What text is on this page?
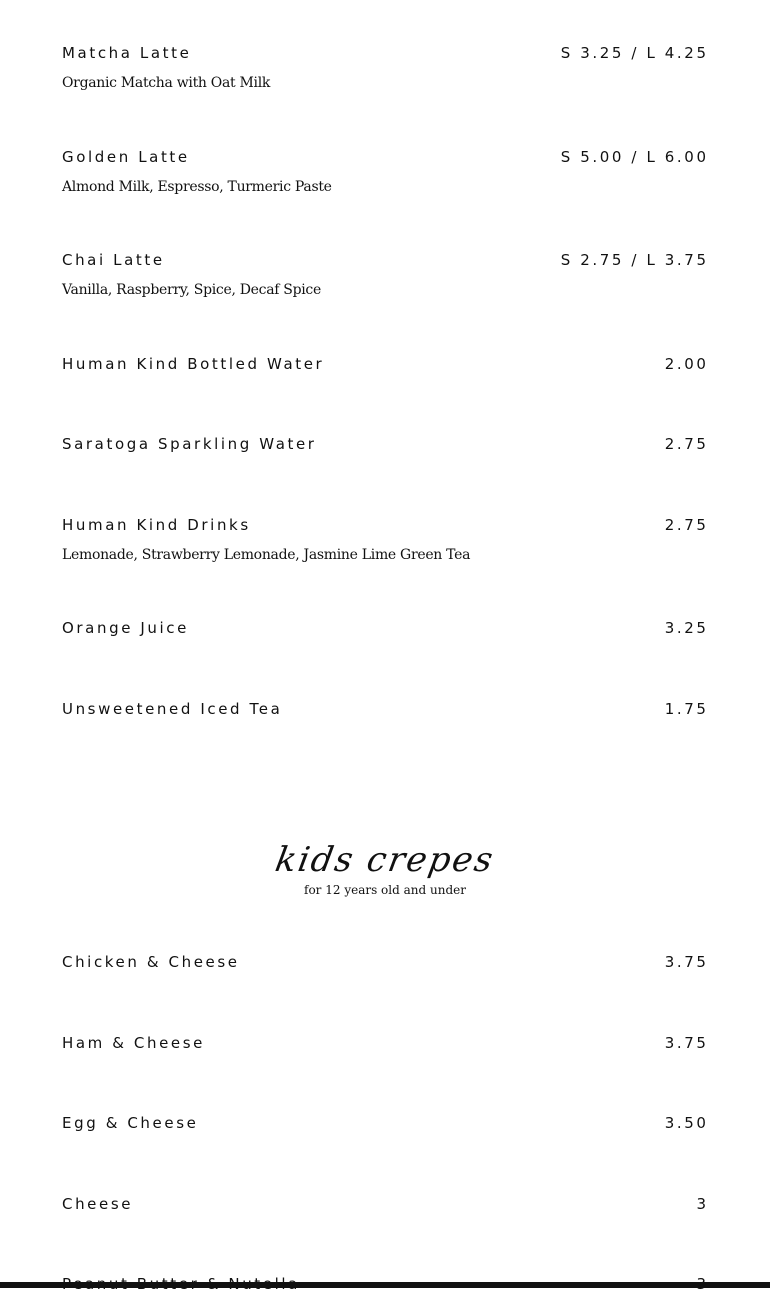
Matcha Latte	S 3.25 / L 4.25
Organic Matcha with Oat Milk
Golden Latte	S 5.00 / L 6.00
Almond Milk, Espresso, Turmeric Paste
Chai Latte	S 2.75 / L 3.75
Vanilla, Raspberry, Spice, Decaf Spice
Human Kind Bottled Water	2.00
Saratoga Sparkling Water	2.75
Human Kind Drinks	2.75
Lemonade, Strawberry Lemonade, Jasmine Lime Green Tea
Orange Juice	3.25
Unsweetened Iced Tea	1.75
kids crepes
for 12 years old and under
Chicken & Cheese	3.75
Ham & Cheese	3.75
Egg & Cheese	3.50
Cheese	3
